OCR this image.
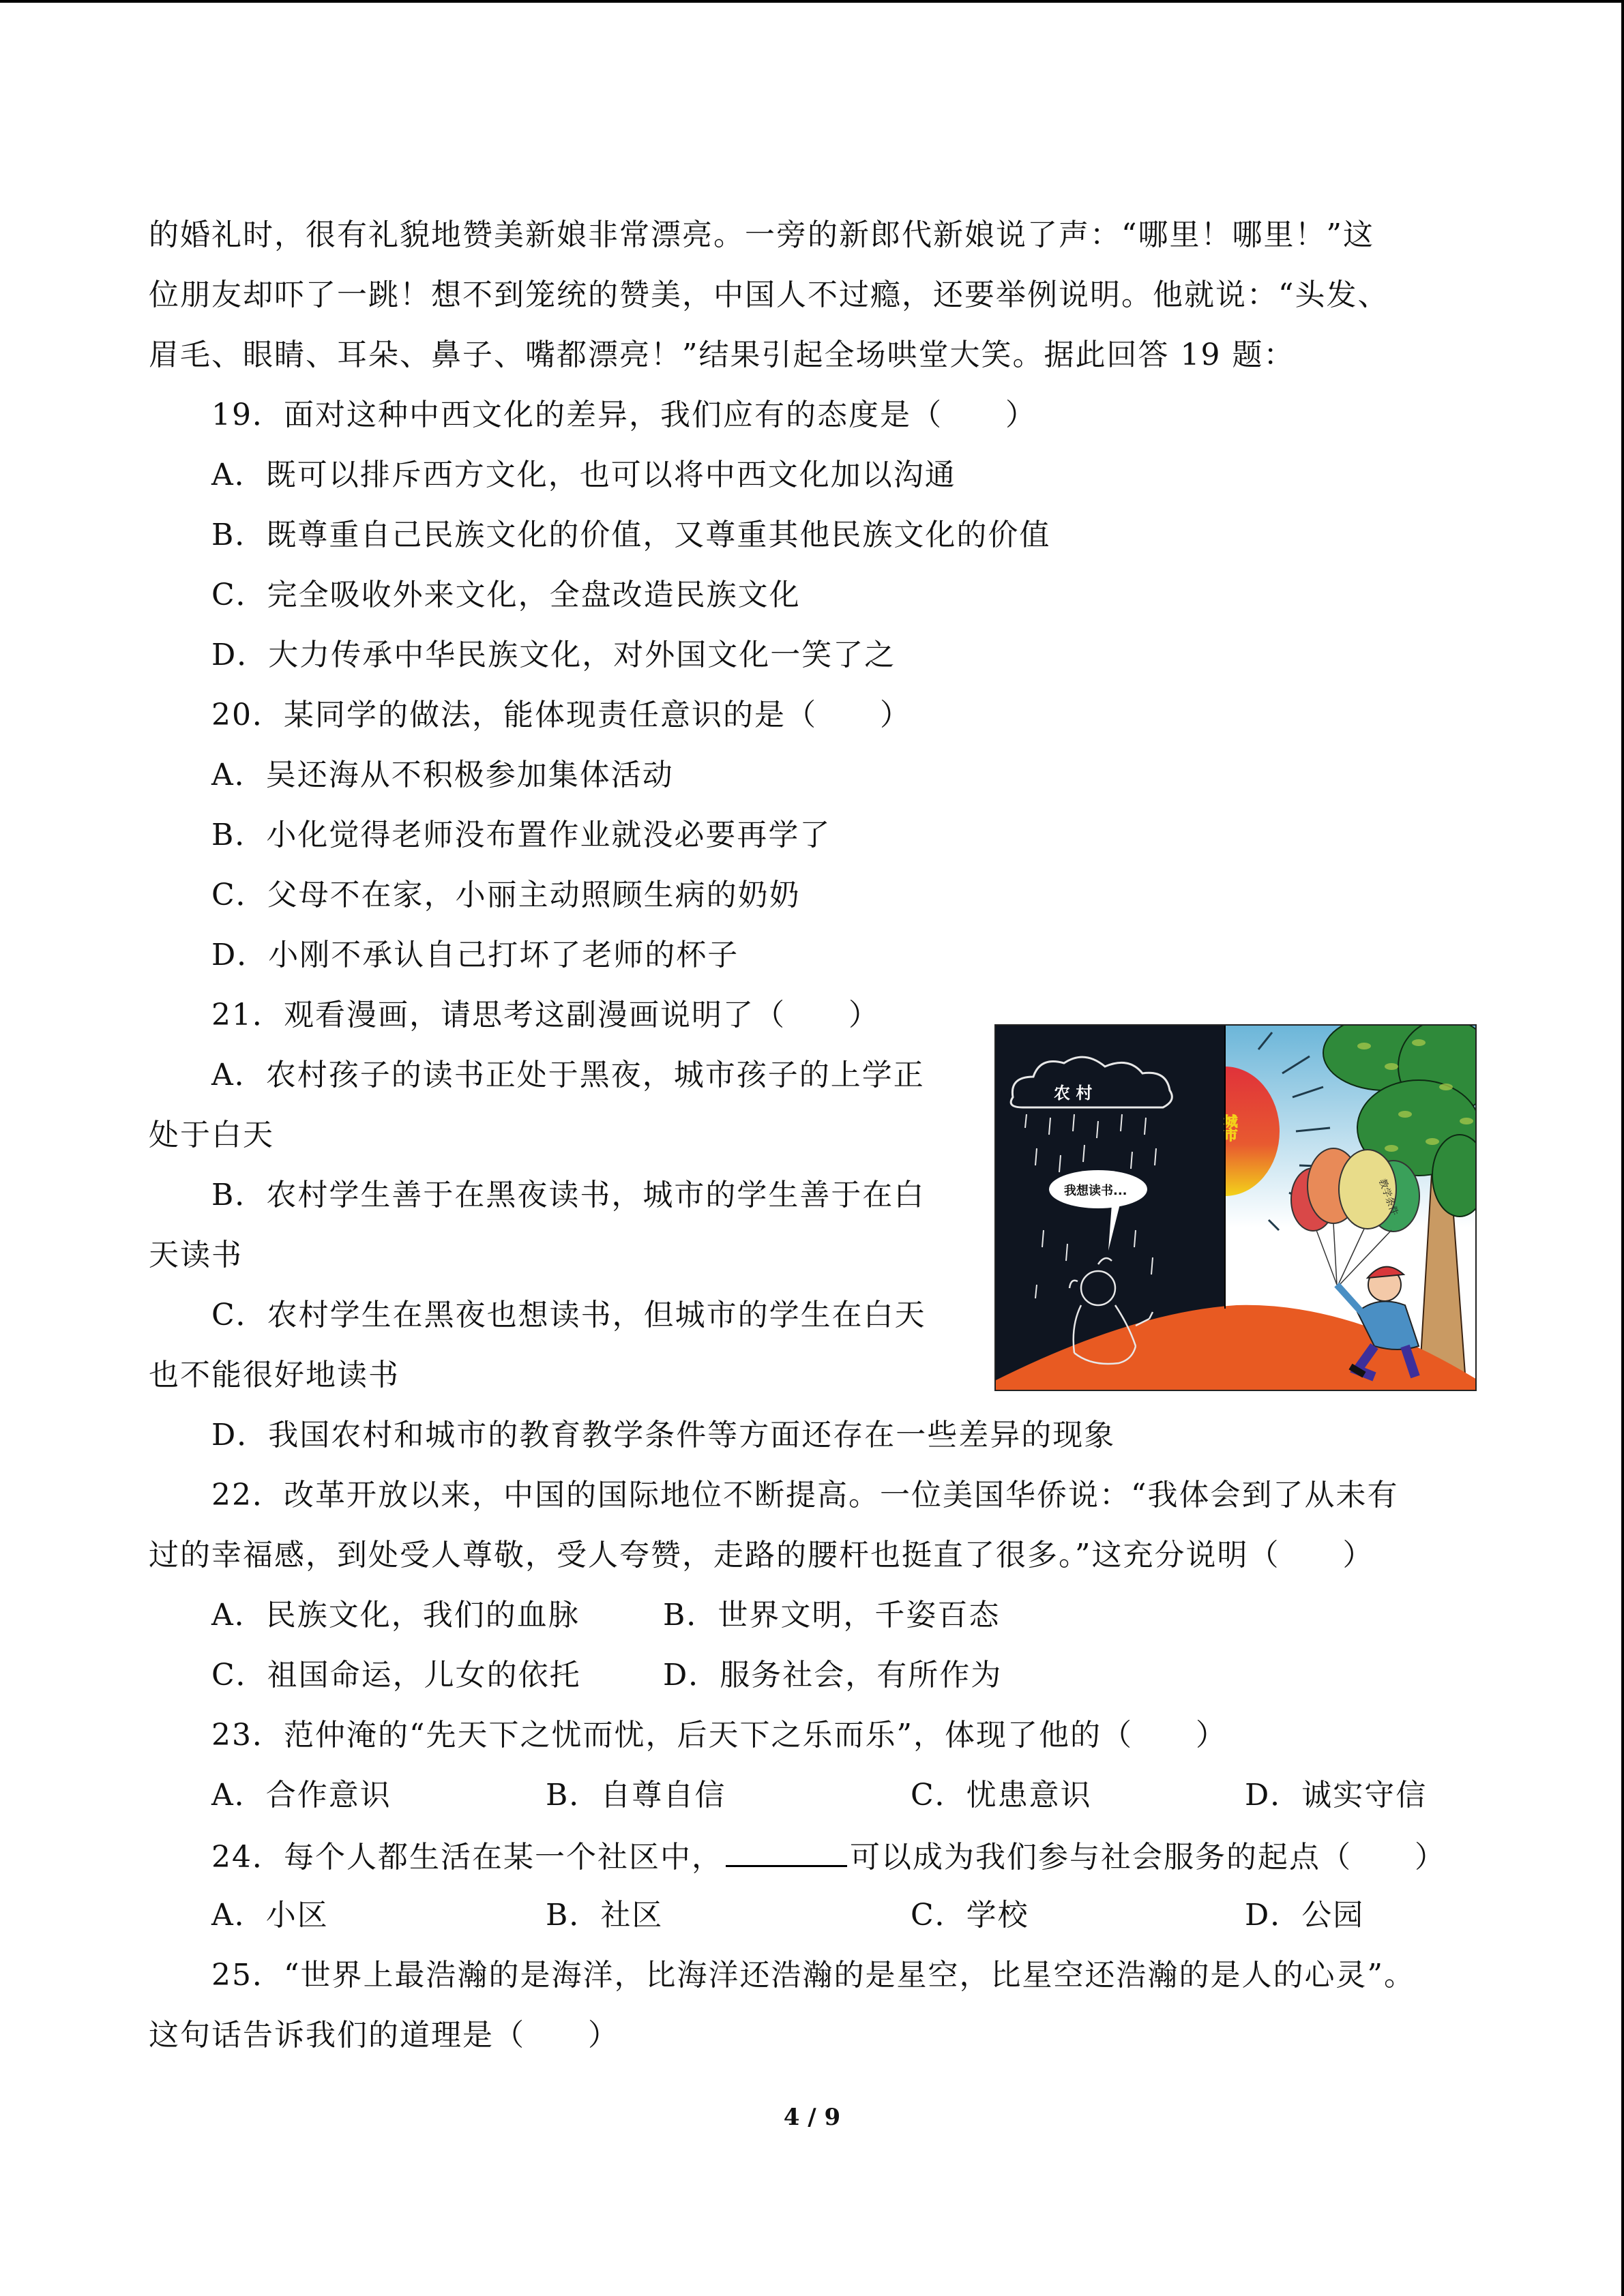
的婚礼时，很有礼貌地赞美新娘非常漂亮。一旁的新郎代新娘说了声：“哪里！哪里！”这
位朋友却吓了一跳！想不到笼统的赞美，中国人不过瘾，还要举例说明。他就说：“头发、
眉毛、眼睛、耳朵、鼻子、嘴都漂亮！”结果引起全场哄堂大笑。据此回答 19 题：
19．面对这种中西文化的差异，我们应有的态度是（　　）
A．既可以排斥西方文化，也可以将中西文化加以沟通
B．既尊重自己民族文化的价值，又尊重其他民族文化的价值
C．完全吸收外来文化，全盘改造民族文化
D．大力传承中华民族文化，对外国文化一笑了之
20．某同学的做法，能体现责任意识的是（　　）
A．吴还海从不积极参加集体活动
B．小化觉得老师没布置作业就没必要再学了
C．父母不在家，小丽主动照顾生病的奶奶
D．小刚不承认自己打坏了老师的杯子
21．观看漫画，请思考这副漫画说明了（　　）
A．农村孩子的读书正处于黑夜，城市孩子的上学正
处于白天
B．农村学生善于在黑夜读书，城市的学生善于在白
天读书
C．农村学生在黑夜也想读书，但城市的学生在白天
也不能很好地读书
D．我国农村和城市的教育教学条件等方面还存在一些差异的现象
城市
农 村
我想读书...	教学条件
22．改革开放以来，中国的国际地位不断提高。一位美国华侨说：“我体会到了从未有
过的幸福感，到处受人尊敬，受人夸赞，走路的腰杆也挺直了很多。”这充分说明（　　）
A．民族文化，我们的血脉	B．世界文明，千姿百态
C．祖国命运，儿女的依托	D．服务社会，有所作为
23．范仲淹的“先天下之忧而忧，后天下之乐而乐”，体现了他的（　　）
A．合作意识	B．自尊自信	C．忧患意识	D．诚实守信
24．每个人都生活在某一个社区中，	可以成为我们参与社会服务的起点（　　）
A．小区	B．社区	C．学校	D．公园
25．“世界上最浩瀚的是海洋，比海洋还浩瀚的是星空，比星空还浩瀚的是人的心灵”。
这句话告诉我们的道理是（　　）
4 / 9
